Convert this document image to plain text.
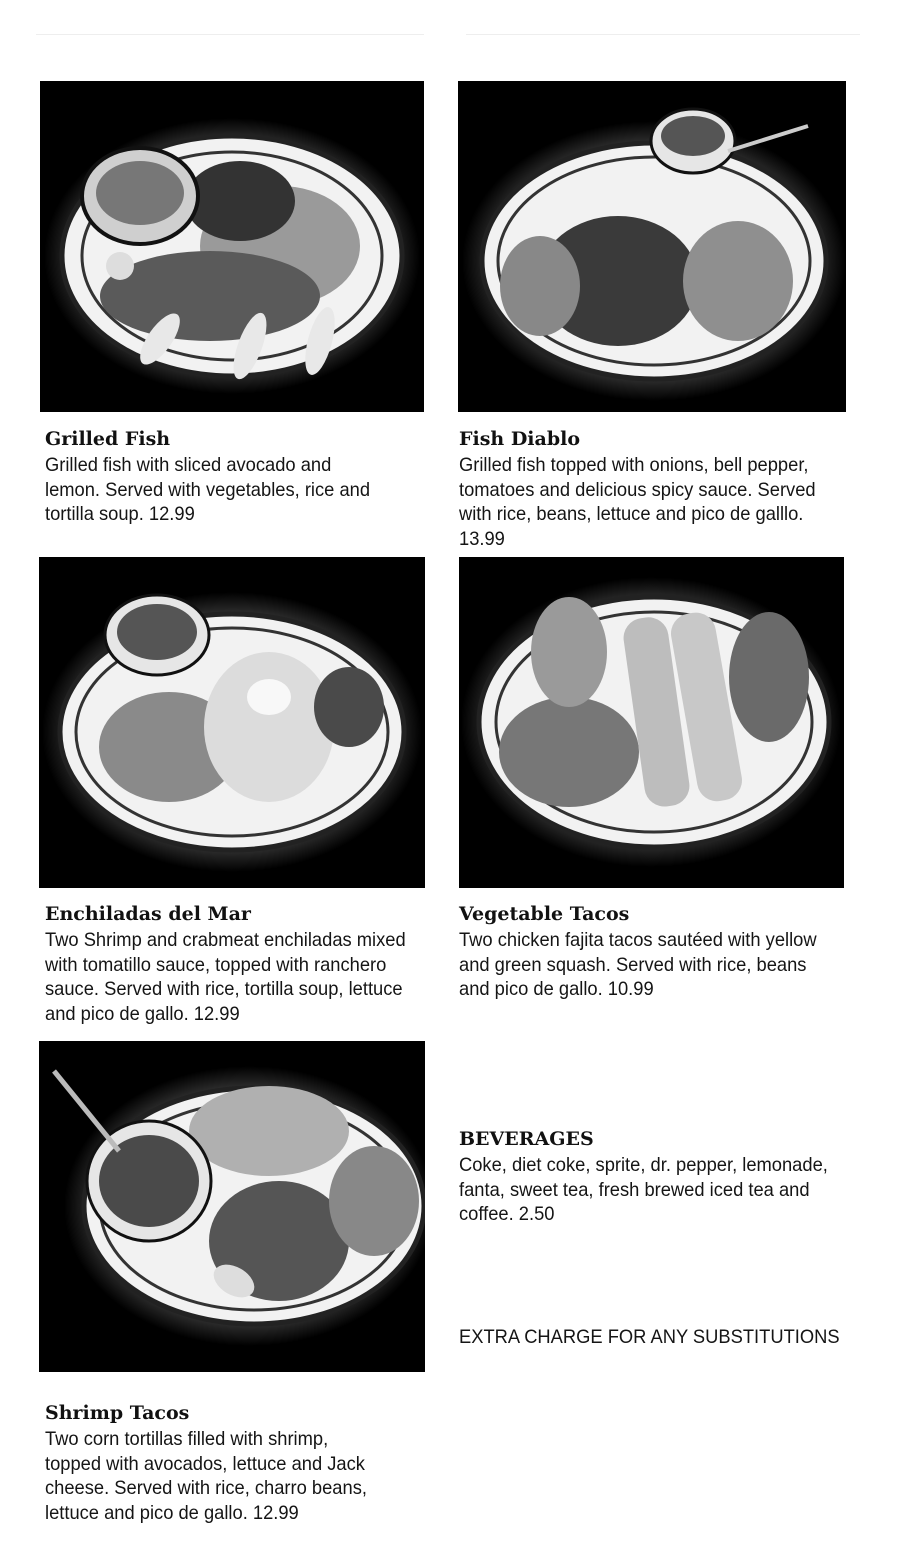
Grilled Fish
Grilled fish with sliced avocado and lemon. Served with vegetables, rice and tortilla soup. 12.99
Fish Diablo
Grilled fish topped with onions, bell pepper, tomatoes and delicious spicy sauce. Served with rice, beans, lettuce and pico de galllo. 13.99
Enchiladas del Mar
Two Shrimp and crabmeat enchiladas mixed with tomatillo sauce, topped with ranchero sauce. Served with rice, tortilla soup, lettuce and pico de gallo. 12.99
Vegetable Tacos
Two chicken fajita tacos sautéed with yellow and green squash. Served with rice, beans and pico de gallo. 10.99
Shrimp Tacos
Two corn tortillas filled with shrimp, topped with avocados, lettuce and Jack cheese. Served with rice, charro beans, lettuce and pico de gallo. 12.99
BEVERAGES
Coke, diet coke, sprite, dr. pepper, lemonade, fanta, sweet tea, fresh brewed iced tea and coffee. 2.50
EXTRA CHARGE FOR ANY SUBSTITUTIONS
